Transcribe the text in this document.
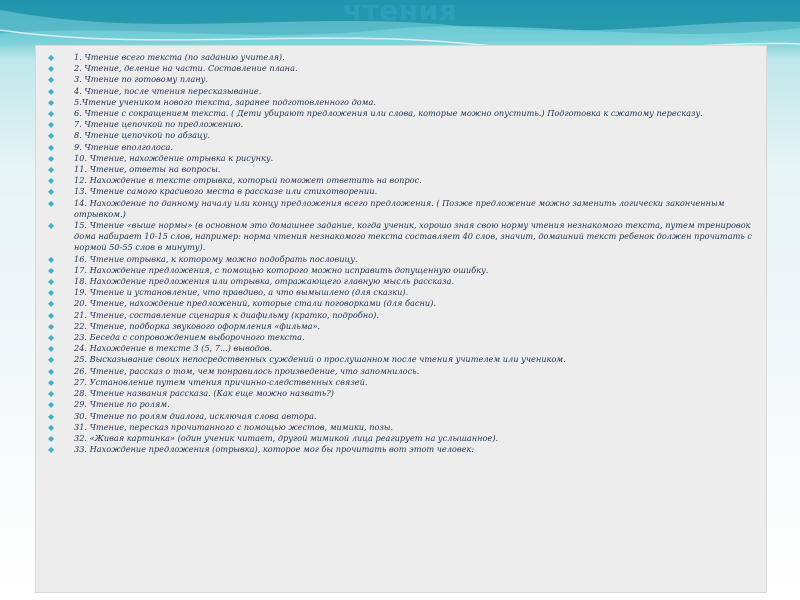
чтения
◆	1. Чтение всего текста (по заданию учителя).
◆	2. Чтение, деление на части. Составление плана.
◆	3. Чтение по готовому плану.
◆	4. Чтение, после чтения пересказывание.
◆	5.Чтение учеником нового текста, заранее подготовленного дома.
◆	6. Чтение с сокращением текста. ( Дети убирают предложения или слова, которые можно опустить.) Подготовка к сжатому пересказу.
◆	7. Чтение цепочкой по предложению.
◆	8. Чтение цепочкой по абзацу.
◆	9. Чтение вполголоса.
◆	10. Чтение, нахождение отрывка к рисунку.
◆	11. Чтение, ответы на вопросы.
◆	12. Нахождение в тексте отрывка, который поможет ответить на вопрос.
◆	13. Чтение самого красивого места в рассказе или стихотворении.
◆	14. Нахождение по данному началу или концу предложения всего предложения. ( Позже предложение можно заменить логически законченным отрывком.)
◆	15. Чтение «выше нормы» (в основном это домашнее задание, когда ученик, хорошо зная свою норму чтения незнакомого текста, путем тренировок дома набирает 10-15 слов, например: норма чтения незнакомого текста составляет 40 слов, значит, домашний текст ребенок должен прочитать с нормой 50-55 слов в минуту).
◆	16. Чтение отрывка, к которому можно подобрать пословицу.
◆	17. Нахождение предложения, с помощью которого можно исправить допущенную ошибку.
◆	18. Нахождение предложения или отрывка, отражающего главную мысль рассказа.
◆	19. Чтение и установление, что правдиво, а что вымышлено (для сказки).
◆	20. Чтение, нахождение предложений, которые стали поговорками (для басни).
◆	21. Чтение, составление сценария к диафильму (кратко, подробно).
◆	22. Чтение, подборка звукового оформления «фильма».
◆	23. Беседа с сопровождением выборочного текста.
◆	24. Нахождение в тексте 3 (5, 7...) выводов.
◆	25. Высказывание своих непосредственных суждений о прослушанном после чтения учителем или учеником.
◆	26. Чтение, рассказ о том, чем понравилось произведение, что запомнилось.
◆	27. Установление путем чтения причинно-следственных связей.
◆	28. Чтение названия рассказа. (Как еще можно назвать?)
◆	29. Чтение по ролям.
◆	30. Чтение по ролям диалога, исключая слова автора.
◆	31. Чтение, пересказ прочитанного с помощью жестов, мимики, позы.
◆	32. «Живая картинка» (один ученик читает, другой мимикой лица реагирует на услышанное).
◆	33. Нахождение предложения (отрывка), которое мог бы прочитать вот этот человек:
